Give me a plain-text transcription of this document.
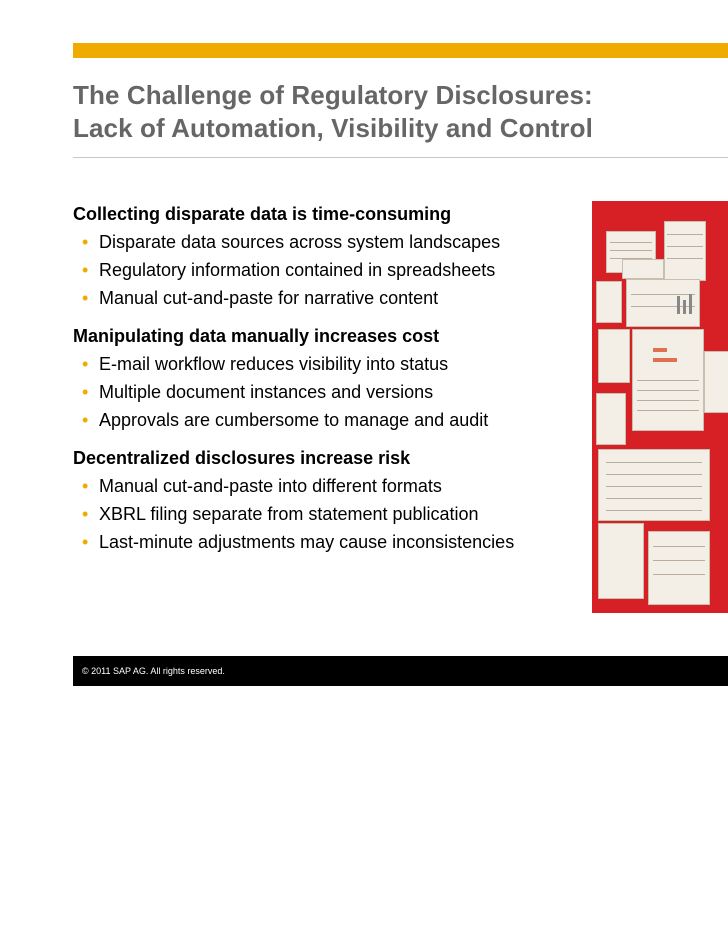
The Challenge of Regulatory Disclosures:
Lack of Automation, Visibility and Control
Collecting disparate data is time-consuming
• Disparate data sources across system landscapes
• Regulatory information contained in spreadsheets
• Manual cut-and-paste for narrative content
Manipulating data manually increases cost
• E-mail workflow reduces visibility into status
• Multiple document instances and versions
• Approvals are cumbersome to manage and audit
Decentralized disclosures increase risk
• Manual cut-and-paste into different formats
• XBRL filing separate from statement publication
• Last-minute adjustments may cause inconsistencies
© 2011 SAP AG. All rights reserved.
